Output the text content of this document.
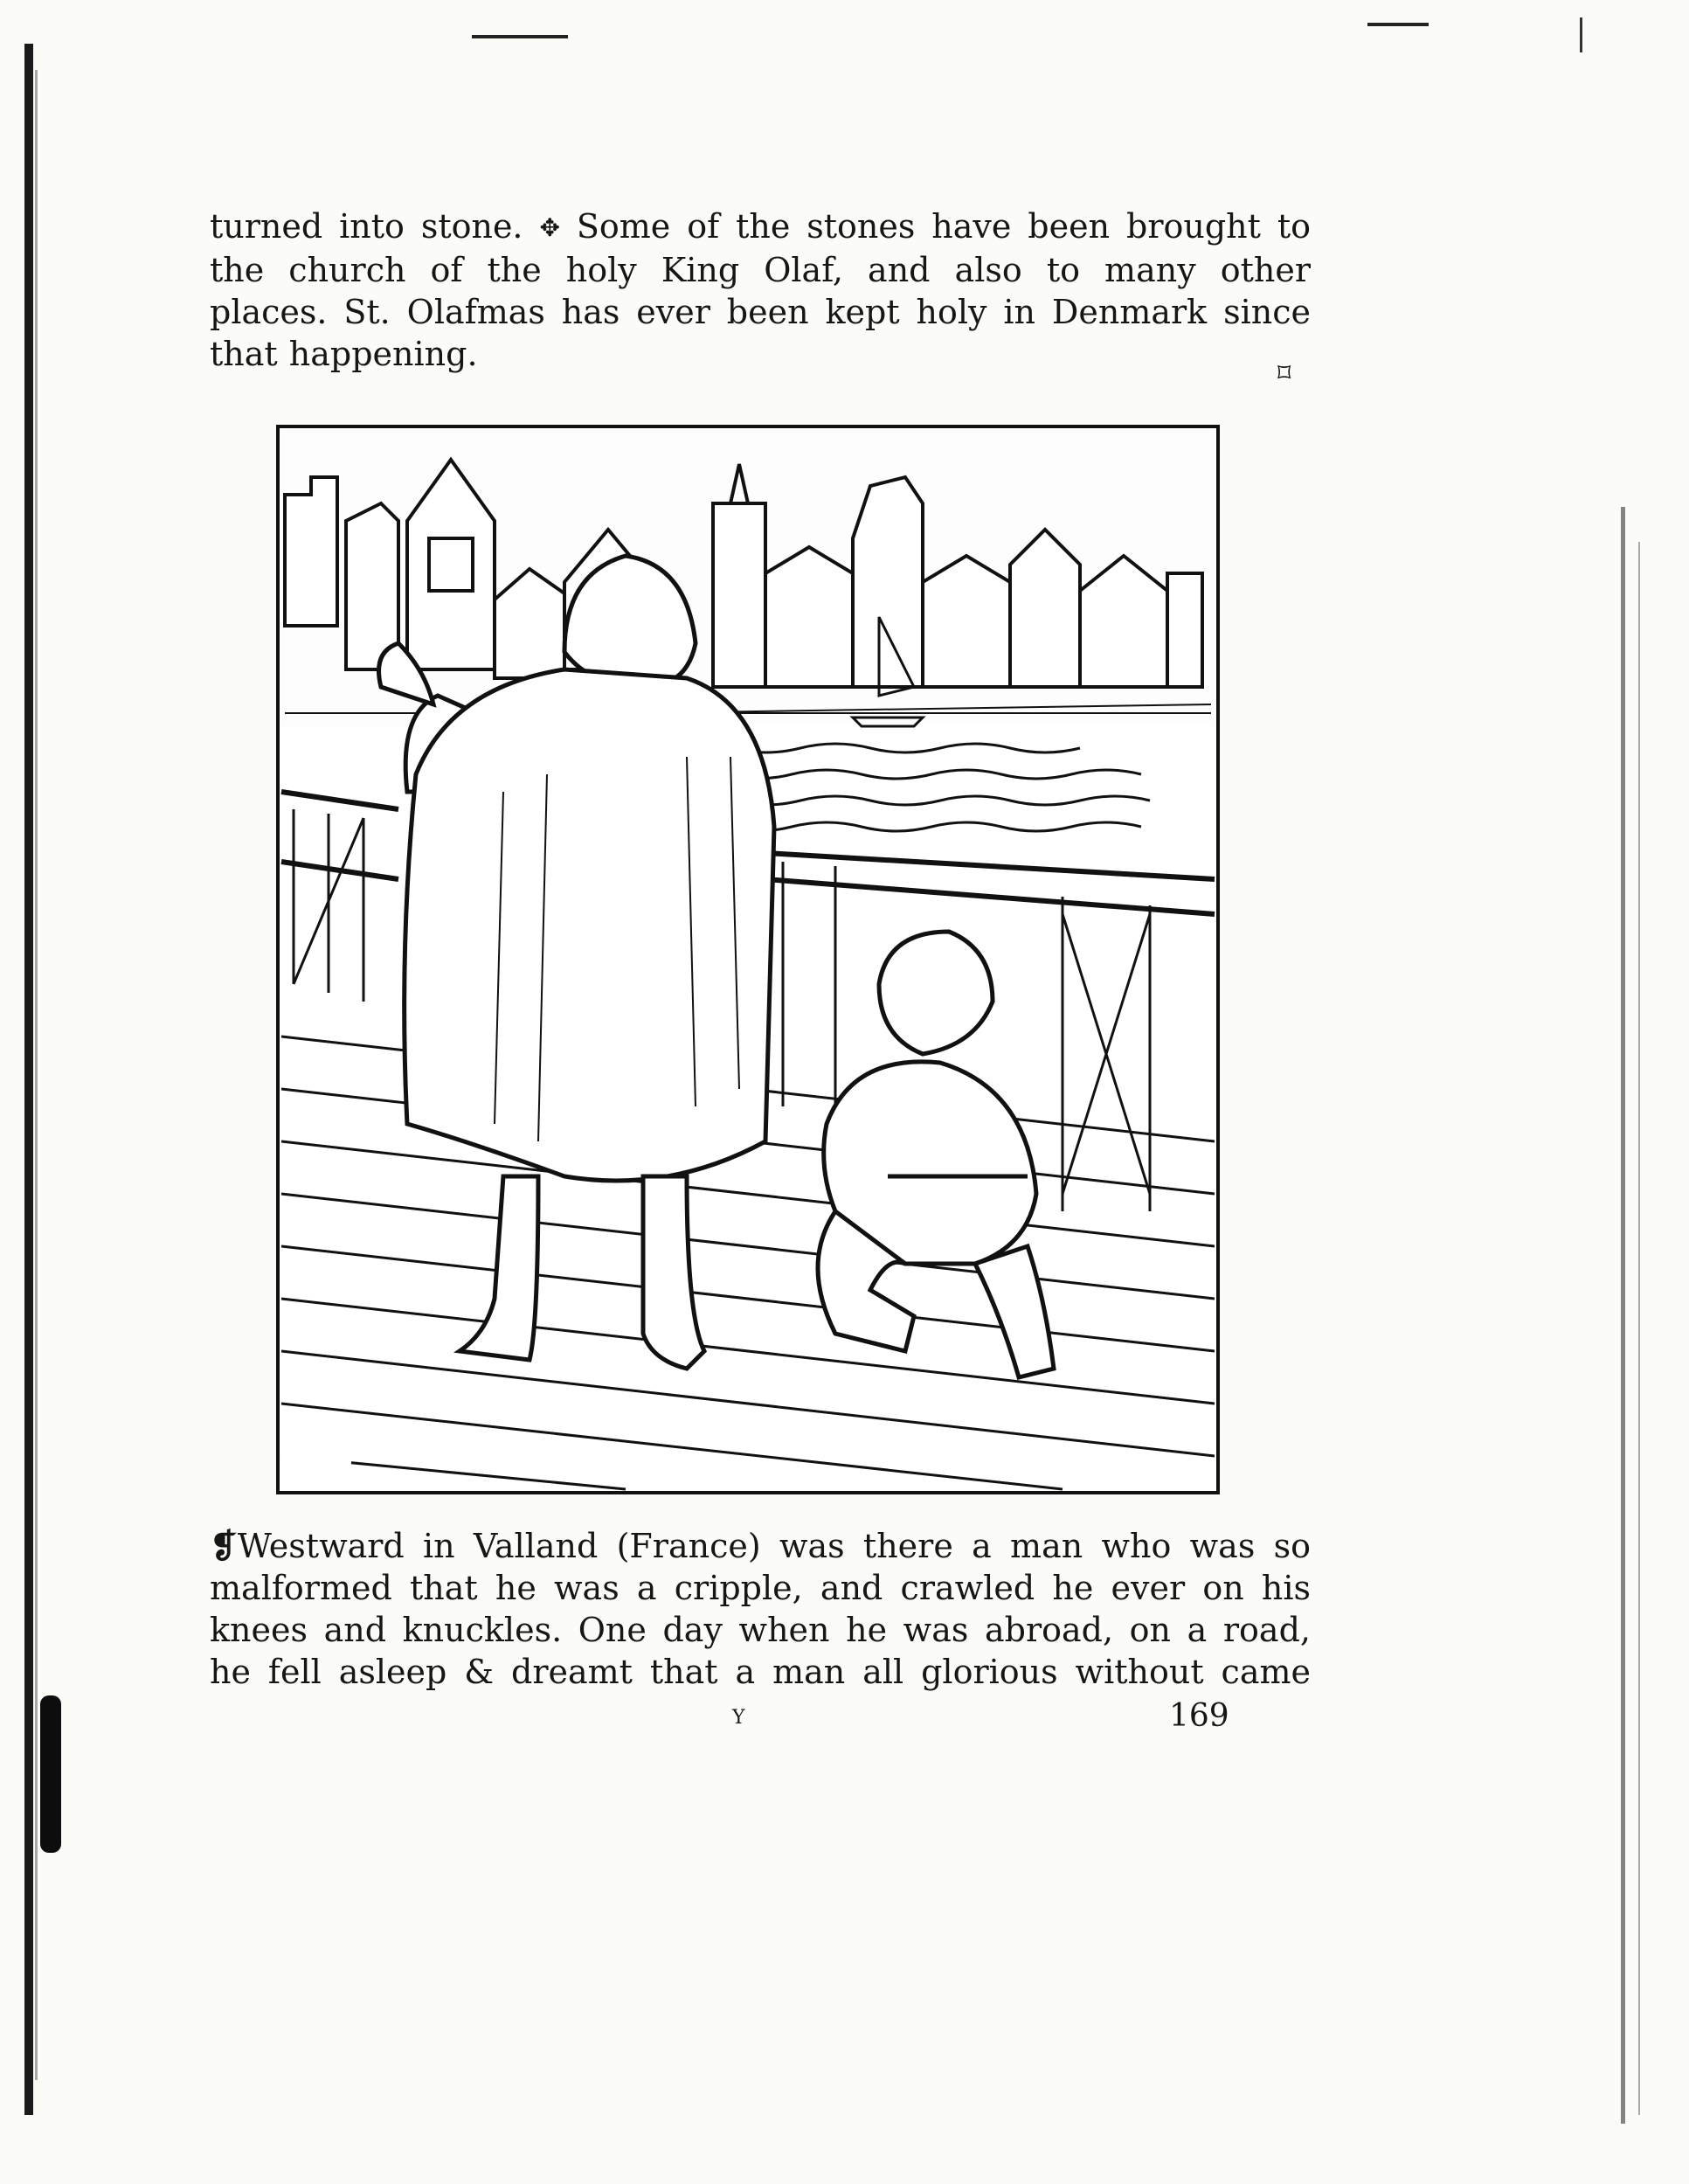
turned into stone. ✥ Some of the stones have been brought to
the church of the holy King Olaf, and also to many other
places. St. Olafmas has ever been kept holy in Denmark since
that happening.
⌑
❡Westward in Valland (France) was there a man who was so
malformed that he was a cripple, and crawled he ever on his
knees and knuckles. One day when he was abroad, on a road,
he fell asleep & dreamt that a man all glorious without came
Y	169
